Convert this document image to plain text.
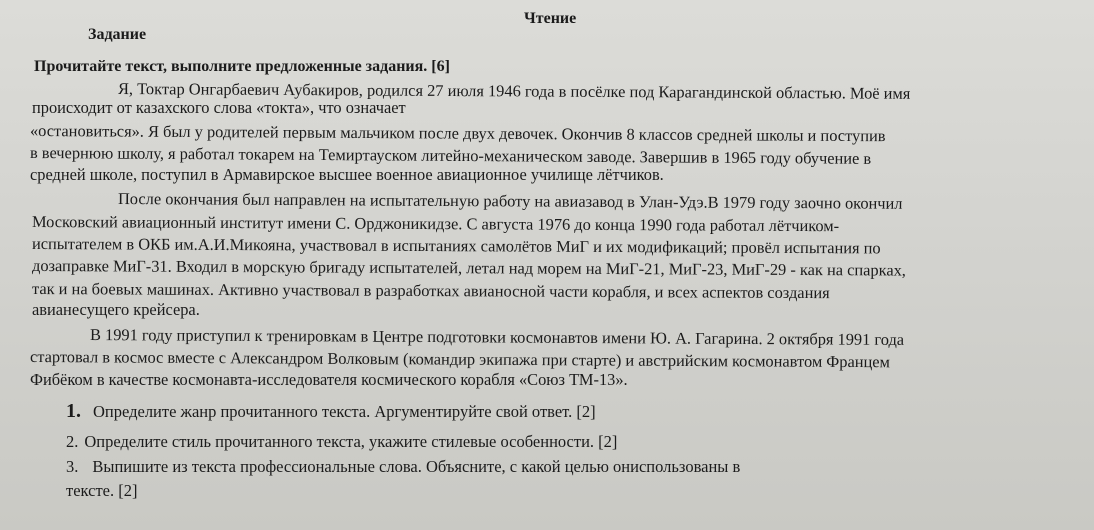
Чтение
Задание
Прочитайте текст, выполните предложенные задания. [6]
Я, Токтар Онгарбаевич Аубакиров, родился 27 июля 1946 года в посёлке под Карагандинской областью. Моё имя
происходит от казахского слова «токта», что означает
«остановиться». Я был у родителей первым мальчиком после двух девочек. Окончив 8 классов средней школы и поступив
в вечернюю школу, я работал токарем на Темиртауском литейно-механическом заводе. Завершив в 1965 году обучение в
средней школе, поступил в Армавирское высшее военное авиационное училище лётчиков.
После окончания был направлен на испытательную работу на авиазавод в Улан-Удэ.В 1979 году заочно окончил
Московский авиационный институт имени С. Орджоникидзе. С августа 1976 до конца 1990 года работал лётчиком-
испытателем в ОКБ им.А.И.Микояна, участвовал в испытаниях самолётов МиГ и их модификаций; провёл испытания по
дозаправке МиГ-31. Входил в морскую бригаду испытателей, летал над морем на МиГ-21, МиГ-23, МиГ-29 - как на спарках,
так и на боевых машинах. Активно участвовал в разработках авианосной части корабля, и всех аспектов создания
авианесущего крейсера.
В 1991 году приступил к тренировкам в Центре подготовки космонавтов имени Ю. А. Гагарина. 2 октября 1991 года
стартовал в космос вместе с Александром Волковым (командир экипажа при старте) и австрийским космонавтом Францем
Фибёком в качестве космонавта-исследователя космического корабля «Союз ТМ-13».
1. Определите жанр прочитанного текста. Аргументируйте свой ответ. [2]
2. Определите стиль прочитанного текста, укажите стилевые особенности. [2]
3. Выпишите из текста профессиональные слова. Объясните, с какой целью ониспользованы в
тексте. [2]
